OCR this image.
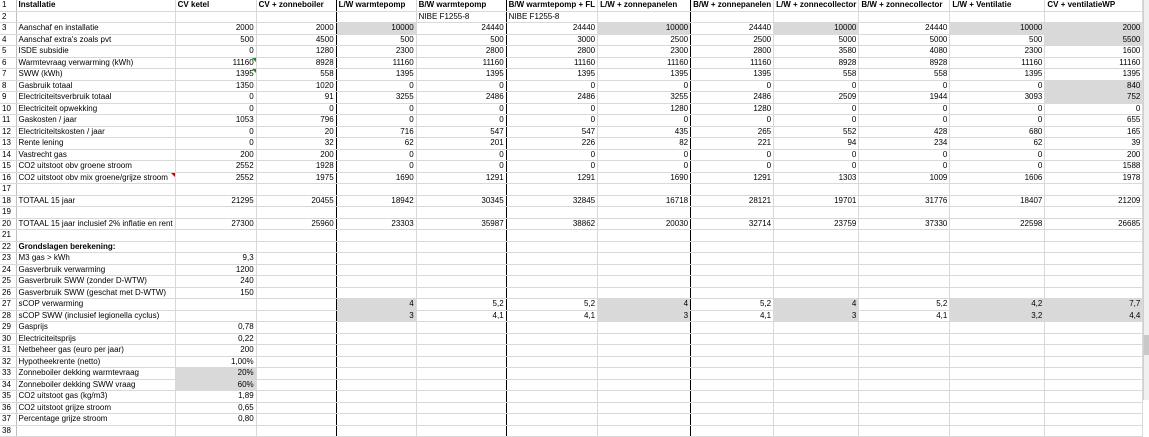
1	Installatie	CV ketel	CV + zonneboiler	L/W warmtepomp	B/W warmtepomp	B/W warmtepomp + FL	L/W + zonnepanelen	B/W + zonnepanelen	L/W + zonnecollector	B/W + zonnecollector	L/W + Ventilatie	CV + ventilatieWP
2					NIBE F1255-8	NIBE F1255-8						
3	Aanschaf en installatie	2000	2000	10000	24440	24440	10000	24440	10000	24440	10000	2000
4	Aanschaf extra's zoals pvt	500	4500	500	500	3000	2500	2500	5000	5000	500	5500
5	ISDE subsidie	0	1280	2300	2800	2800	2300	2800	3580	4080	2300	1600
6	Warmtevraag verwarming (kWh)	11160	8928	11160	11160	11160	11160	11160	8928	8928	11160	11160
7	SWW (kWh)	1395	558	1395	1395	1395	1395	1395	558	558	1395	1395
8	Gasbruik totaal	1350	1020	0	0	0	0	0	0	0	0	840
9	Electriciteitsverbruik totaal	0	91	3255	2486	2486	3255	2486	2509	1944	3093	752
10	Electriciteit opwekking	0	0	0	0	0	1280	1280	0	0	0	0
11	Gaskosten / jaar	1053	796	0	0	0	0	0	0	0	0	655
12	Electriciteitskosten / jaar	0	20	716	547	547	435	265	552	428	680	165
13	Rente lening	0	32	62	201	226	82	221	94	234	62	39
14	Vastrecht gas	200	200	0	0	0	0	0	0	0	0	200
15	CO2 uitstoot obv groene stroom	2552	1928	0	0	0	0	0	0	0	0	1588
16	CO2 uitstoot obv mix groene/grijze stroom	2552	1975	1690	1291	1291	1690	1291	1303	1009	1606	1978
17												
18	TOTAAL 15 jaar	21295	20455	18942	30345	32845	16718	28121	19701	31776	18407	21209
19												
20	TOTAAL 15 jaar inclusief 2% inflatie en rent	27300	25960	23303	35987	38862	20030	32714	23759	37330	22598	26685
21												
22	Grondslagen berekening:											
23	M3 gas > kWh	9,3										
24	Gasverbruik verwarming	1200										
25	Gasverbruik SWW (zonder D-WTW)	240										
26	Gasverbruik SWW (geschat met D-WTW)	150										
27	sCOP verwarming			4	5,2	5,2	4	5,2	4	5,2	4,2	7,7
28	sCOP SWW (inclusief legionella cyclus)			3	4,1	4,1	3	4,1	3	4,1	3,2	4,4
29	Gasprijs	0,78										
30	Electriciteitsprijs	0,22										
31	Netbeheer gas (euro per jaar)	200										
32	Hypotheekrente (netto)	1,00%										
33	Zonneboiler dekking warmtevraag	20%										
34	Zonneboiler dekking SWW vraag	60%										
35	CO2 uitstoot gas (kg/m3)	1,89										
36	CO2 uitstoot grijze stroom	0,65										
37	Percentage grijze stroom	0,80										
38												
